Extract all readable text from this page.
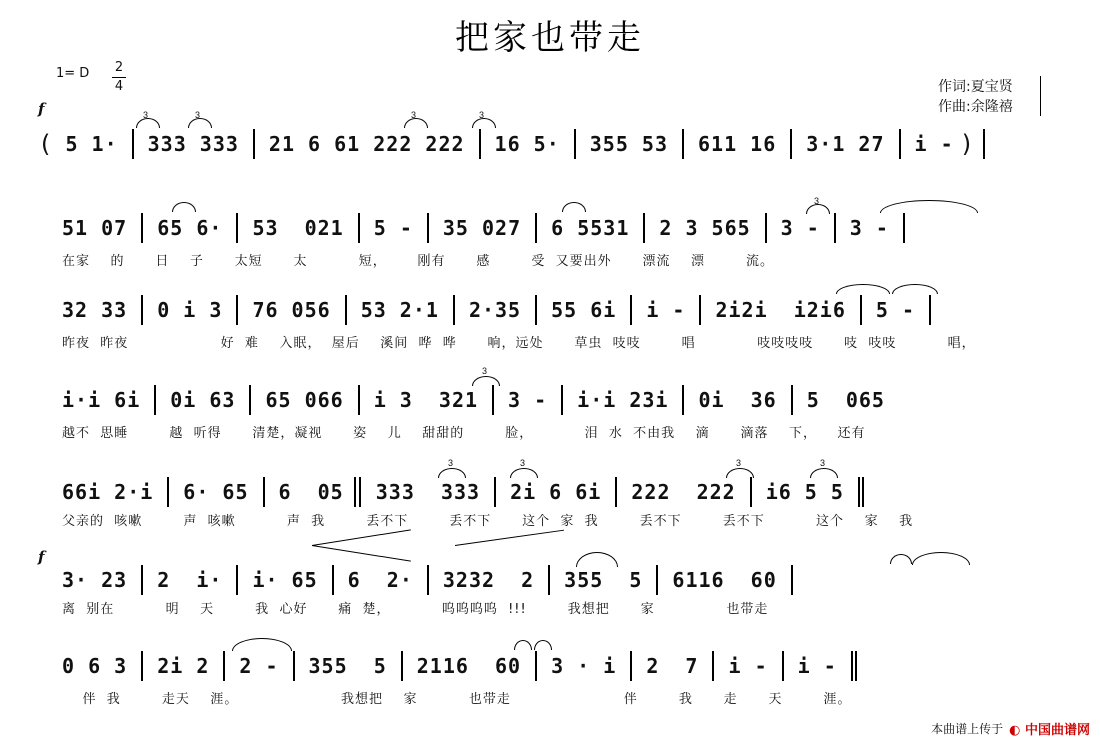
把家也带走
1= D 2
4	作词:夏宝贤
作曲:余隆禧
f
f
( 5 1· 333 333 21 6 61 222 222 16 5· 355 53 611 16 3·1 27 i - )
3	3	3	3
51 07 65 6· 53  021 5 - 35 027 6 5531 2 3 565 3 - 3 -
在家    的      日    子      太短      太          短，      刚有      感        受  又要出外      漂流    漂        流。
3
32 33 0 i 3 76 056 53 2·1 2·35 55 6i i - 2i2i  i2i6 5 -
昨夜  昨夜                  好  难    入眠，  屋后    溪间  哗  哗      响，远处      草虫  吱吱        唱            吱吱吱吱      吱  吱吱          唱，
i·i 6i 0i 63 65 066 i 3  321 3 - i·i 23i 0i  36 5  065
越不  思睡        越  听得      清楚，凝视      姿    儿    甜甜的        脸，          泪  水  不由我    滴      滴落    下，    还有
3
66i 2·i 6· 65 6  05 333  333 2i 6 6i 222  222 i6 5 5
父亲的  咳嗽        声  咳嗽          声  我        丢不下        丢不下      这个  家  我        丢不下        丢不下          这个    家    我
3	3	3	3
3· 23 2  i· i· 65 6  2· 3232  2 355  5 6116  60
离  别在          明    天        我  心好      痛  楚，          呜呜呜呜  !!!        我想把      家              也带走
0 6 3 2i 2 2 - 355  5 2116  60 3 · i 2  7 i - i -
伴  我        走天    涯。                    我想把    家          也带走                      伴        我      走      天        涯。
本曲谱上传于 ◐ 中国曲谱网
